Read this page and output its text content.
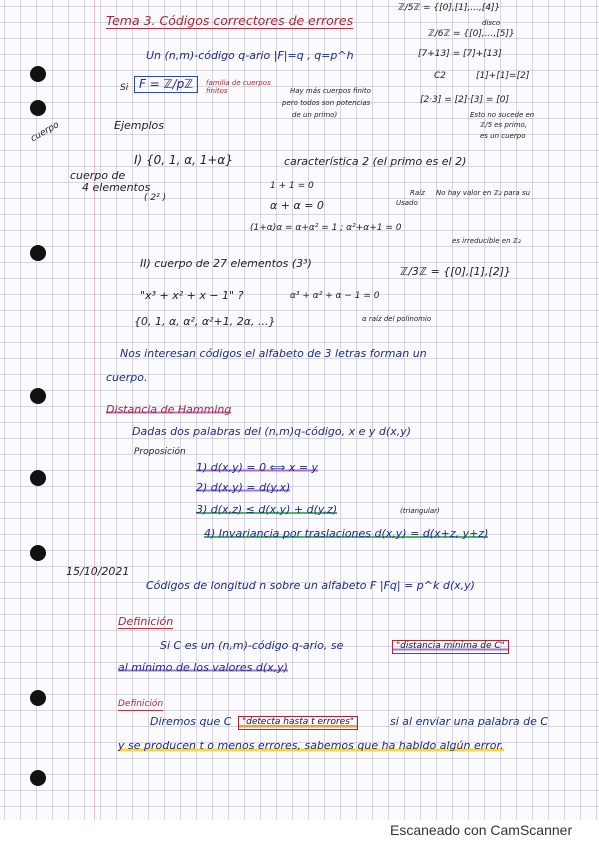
Tema 3. Códigos correctores de errores
ℤ/5ℤ = {[0],[1],...,[4]}
ℤ/6ℤ = {[0],...,[5]}
disco
[7+13] = [7]+[13]
C2	[1]+[1]=[2]
[2·3] = [2]·[3] = [0]
Esto no sucede en
ℤ/5 es primo,
es un cuerpo
Un (n,m)-código q-ario |F|=q , q=p^h
Si F = ℤ/pℤ	familia de cuerpos finitos	Hay más cuerpos finito
pero todos son potencias
de un primo)
cuerpo	Ejemplos
I) {0, 1, α, 1+α}	característica 2 (el primo es el 2)
cuerpo de
4 elementos
( 2² )
1 + 1 = 0
α + α = 0
(1+α)α = α+α² = 1 ; α²+α+1 = 0
Raíz No hay valor en ℤ₂ para su
Usado
es irreducible en ℤ₂
II) cuerpo de 27 elementos (3³)
ℤ/3ℤ = {[0],[1],[2]}
"x³ + x² + x − 1" ?	α³ + α² + α − 1 = 0
{0, 1, α, α², α²+1, 2α, ...}	α raíz del polinomio
Nos interesan códigos el alfabeto de 3 letras forman un
cuerpo.
Distancia de Hamming
Dadas dos palabras del (n,m)q-código, x e y d(x,y)
Proposición
1) d(x,y) = 0 ⟺ x = y
2) d(x,y) = d(y,x)
3) d(x,z) ≤ d(x,y) + d(y,z)	(triangular)
4) Invariancia por traslaciones d(x,y) = d(x+z, y+z)
15/10/2021
Códigos de longitud n sobre un alfabeto F |Fq| = p^k d(x,y)
Definición
Si C es un (n,m)-código q-ario, se	"distancia mínima de C"
al mínimo de los valores d(x,y)
Definición
Diremos que C	"detecta hasta t errores"	si al enviar una palabra de C
y se producen t o menos errores, sabemos que ha habido algún error.
Escaneado con CamScanner
